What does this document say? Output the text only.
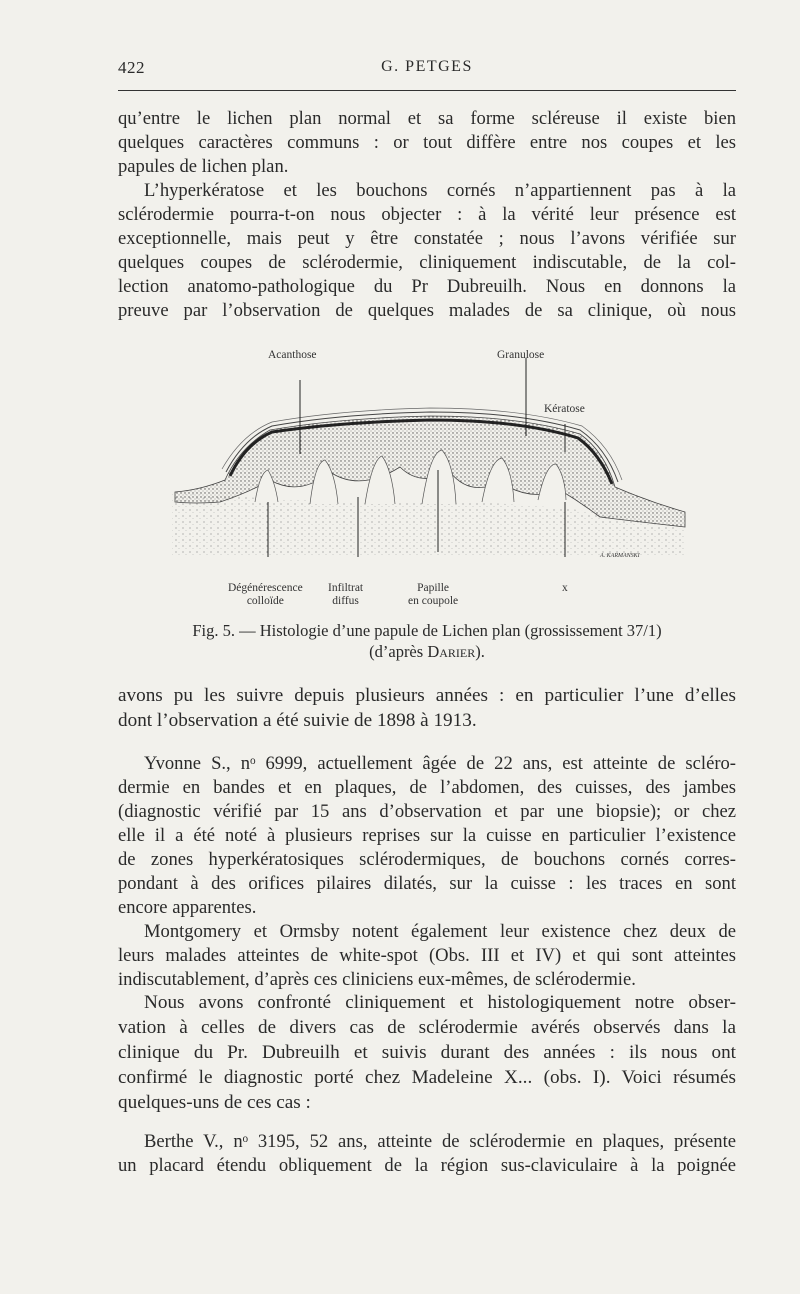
422	G. PETGES
qu’entre le lichen plan normal et sa forme scléreuse il existe bien
quelques caractères communs : or tout diffère entre nos coupes et les
papules de lichen plan.
L’hyperkératose et les bouchons cornés n’appartiennent pas à la
sclérodermie pourra-t-on nous objecter : à la vérité leur présence est
exceptionnelle, mais peut y être constatée ; nous l’avons vérifiée sur
quelques coupes de sclérodermie, cliniquement indiscutable, de la col-
lection anatomo-pathologique du Pr Dubreuilh. Nous en donnons la
preuve par l’observation de quelques malades de sa clinique, où nous
Acanthose	Granulose
Kératose
A. KARMANSKI
Dégénérescence
colloïde
Infiltrat
diffus
Papille
en coupole
x
Fig. 5. — Histologie d’une papule de Lichen plan (grossissement 37/1)
(d’après Darier).
avons pu les suivre depuis plusieurs années : en particulier l’une d’elles
dont l’observation a été suivie de 1898 à 1913.
Yvonne S., nᵒ 6999, actuellement âgée de 22 ans, est atteinte de scléro-
dermie en bandes et en plaques, de l’abdomen, des cuisses, des jambes
(diagnostic vérifié par 15 ans d’observation et par une biopsie); or chez
elle il a été noté à plusieurs reprises sur la cuisse en particulier l’existence
de zones hyperkératosiques sclérodermiques, de bouchons cornés corres-
pondant à des orifices pilaires dilatés, sur la cuisse : les traces en sont
encore apparentes.
Montgomery et Ormsby notent également leur existence chez deux de
leurs malades atteintes de white-spot (Obs. III et IV) et qui sont atteintes
indiscutablement, d’après ces cliniciens eux-mêmes, de sclérodermie.
Nous avons confronté cliniquement et histologiquement notre obser-
vation à celles de divers cas de sclérodermie avérés observés dans la
clinique du Pr. Dubreuilh et suivis durant des années : ils nous ont
confirmé le diagnostic porté chez Madeleine X... (obs. I). Voici résumés
quelques-uns de ces cas :
Berthe V., nᵒ 3195, 52 ans, atteinte de sclérodermie en plaques, présente
un placard étendu obliquement de la région sus-claviculaire à la poignée
